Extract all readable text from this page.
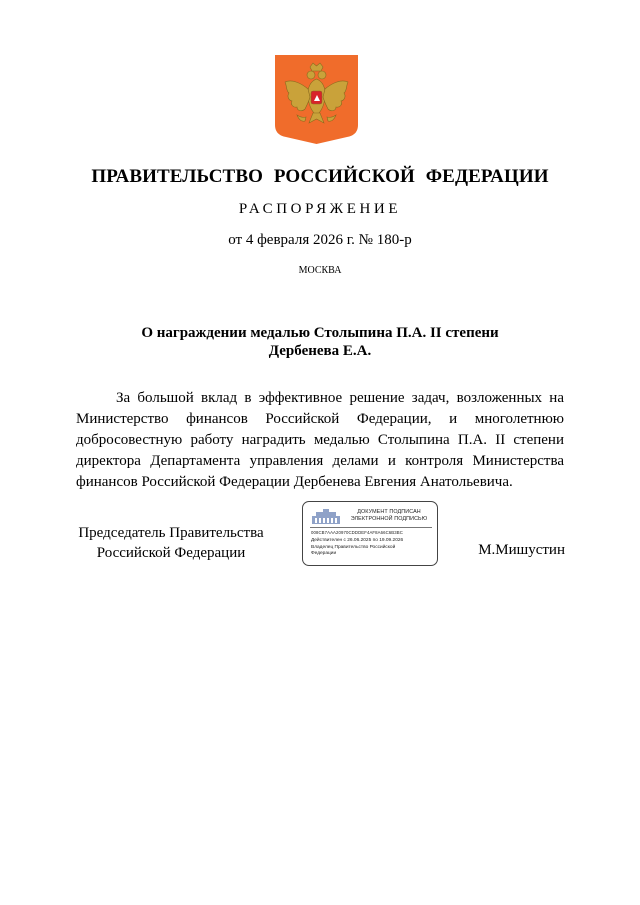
ПРАВИТЕЛЬСТВО РОССИЙСКОЙ ФЕДЕРАЦИИ
РАСПОРЯЖЕНИЕ
от 4 февраля 2026 г. № 180-р
МОСКВА
О награждении медалью Столыпина П.А. II степени
Дербенева Е.А.
За большой вклад в эффективное решение задач, возложенных на Министерство финансов Российской Федерации, и многолетнюю добросовестную работу наградить медалью Столыпина П.А. II степени директора Департамента управления делами и контроля Министерства финансов Российской Федерации Дербенева Евгения Анатольевича.
Председатель Правительства
Российской Федерации
ДОКУМЕНТ ПОДПИСАН
ЭЛЕКТРОННОЙ ПОДПИСЬЮ
008CB7AAA20970CDDDEF4AF8A66C6B3BC
Действителен с 26.06.2025 по 19.09.2026
Владелец Правительство Российской
Федерации	М.Мишустин
